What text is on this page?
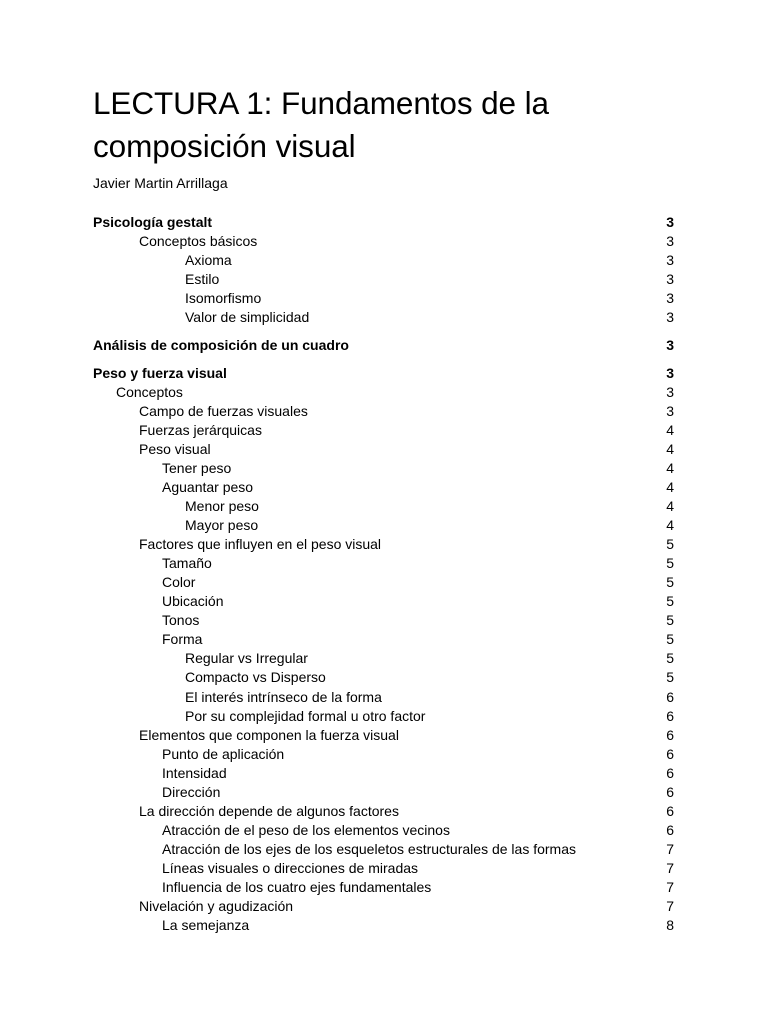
LECTURA 1: Fundamentos de la composición visual
Javier Martin Arrillaga
Psicología gestalt	3
Conceptos básicos	3
Axioma	3
Estilo	3
Isomorfismo	3
Valor de simplicidad	3
Análisis de composición de un cuadro	3
Peso y fuerza visual	3
Conceptos	3
Campo de fuerzas visuales	3
Fuerzas jerárquicas	4
Peso visual	4
Tener peso	4
Aguantar peso	4
Menor peso	4
Mayor peso	4
Factores que influyen en el peso visual	5
Tamaño	5
Color	5
Ubicación	5
Tonos	5
Forma	5
Regular vs Irregular	5
Compacto vs Disperso	5
El interés intrínseco de la forma	6
Por su complejidad formal u otro factor	6
Elementos que componen la fuerza visual	6
Punto de aplicación	6
Intensidad	6
Dirección	6
La dirección depende de algunos factores	6
Atracción de el peso de los elementos vecinos	6
Atracción de los ejes de los esqueletos estructurales de las formas	7
Líneas visuales o direcciones de miradas	7
Influencia de los cuatro ejes fundamentales	7
Nivelación y agudización	7
La semejanza	8
